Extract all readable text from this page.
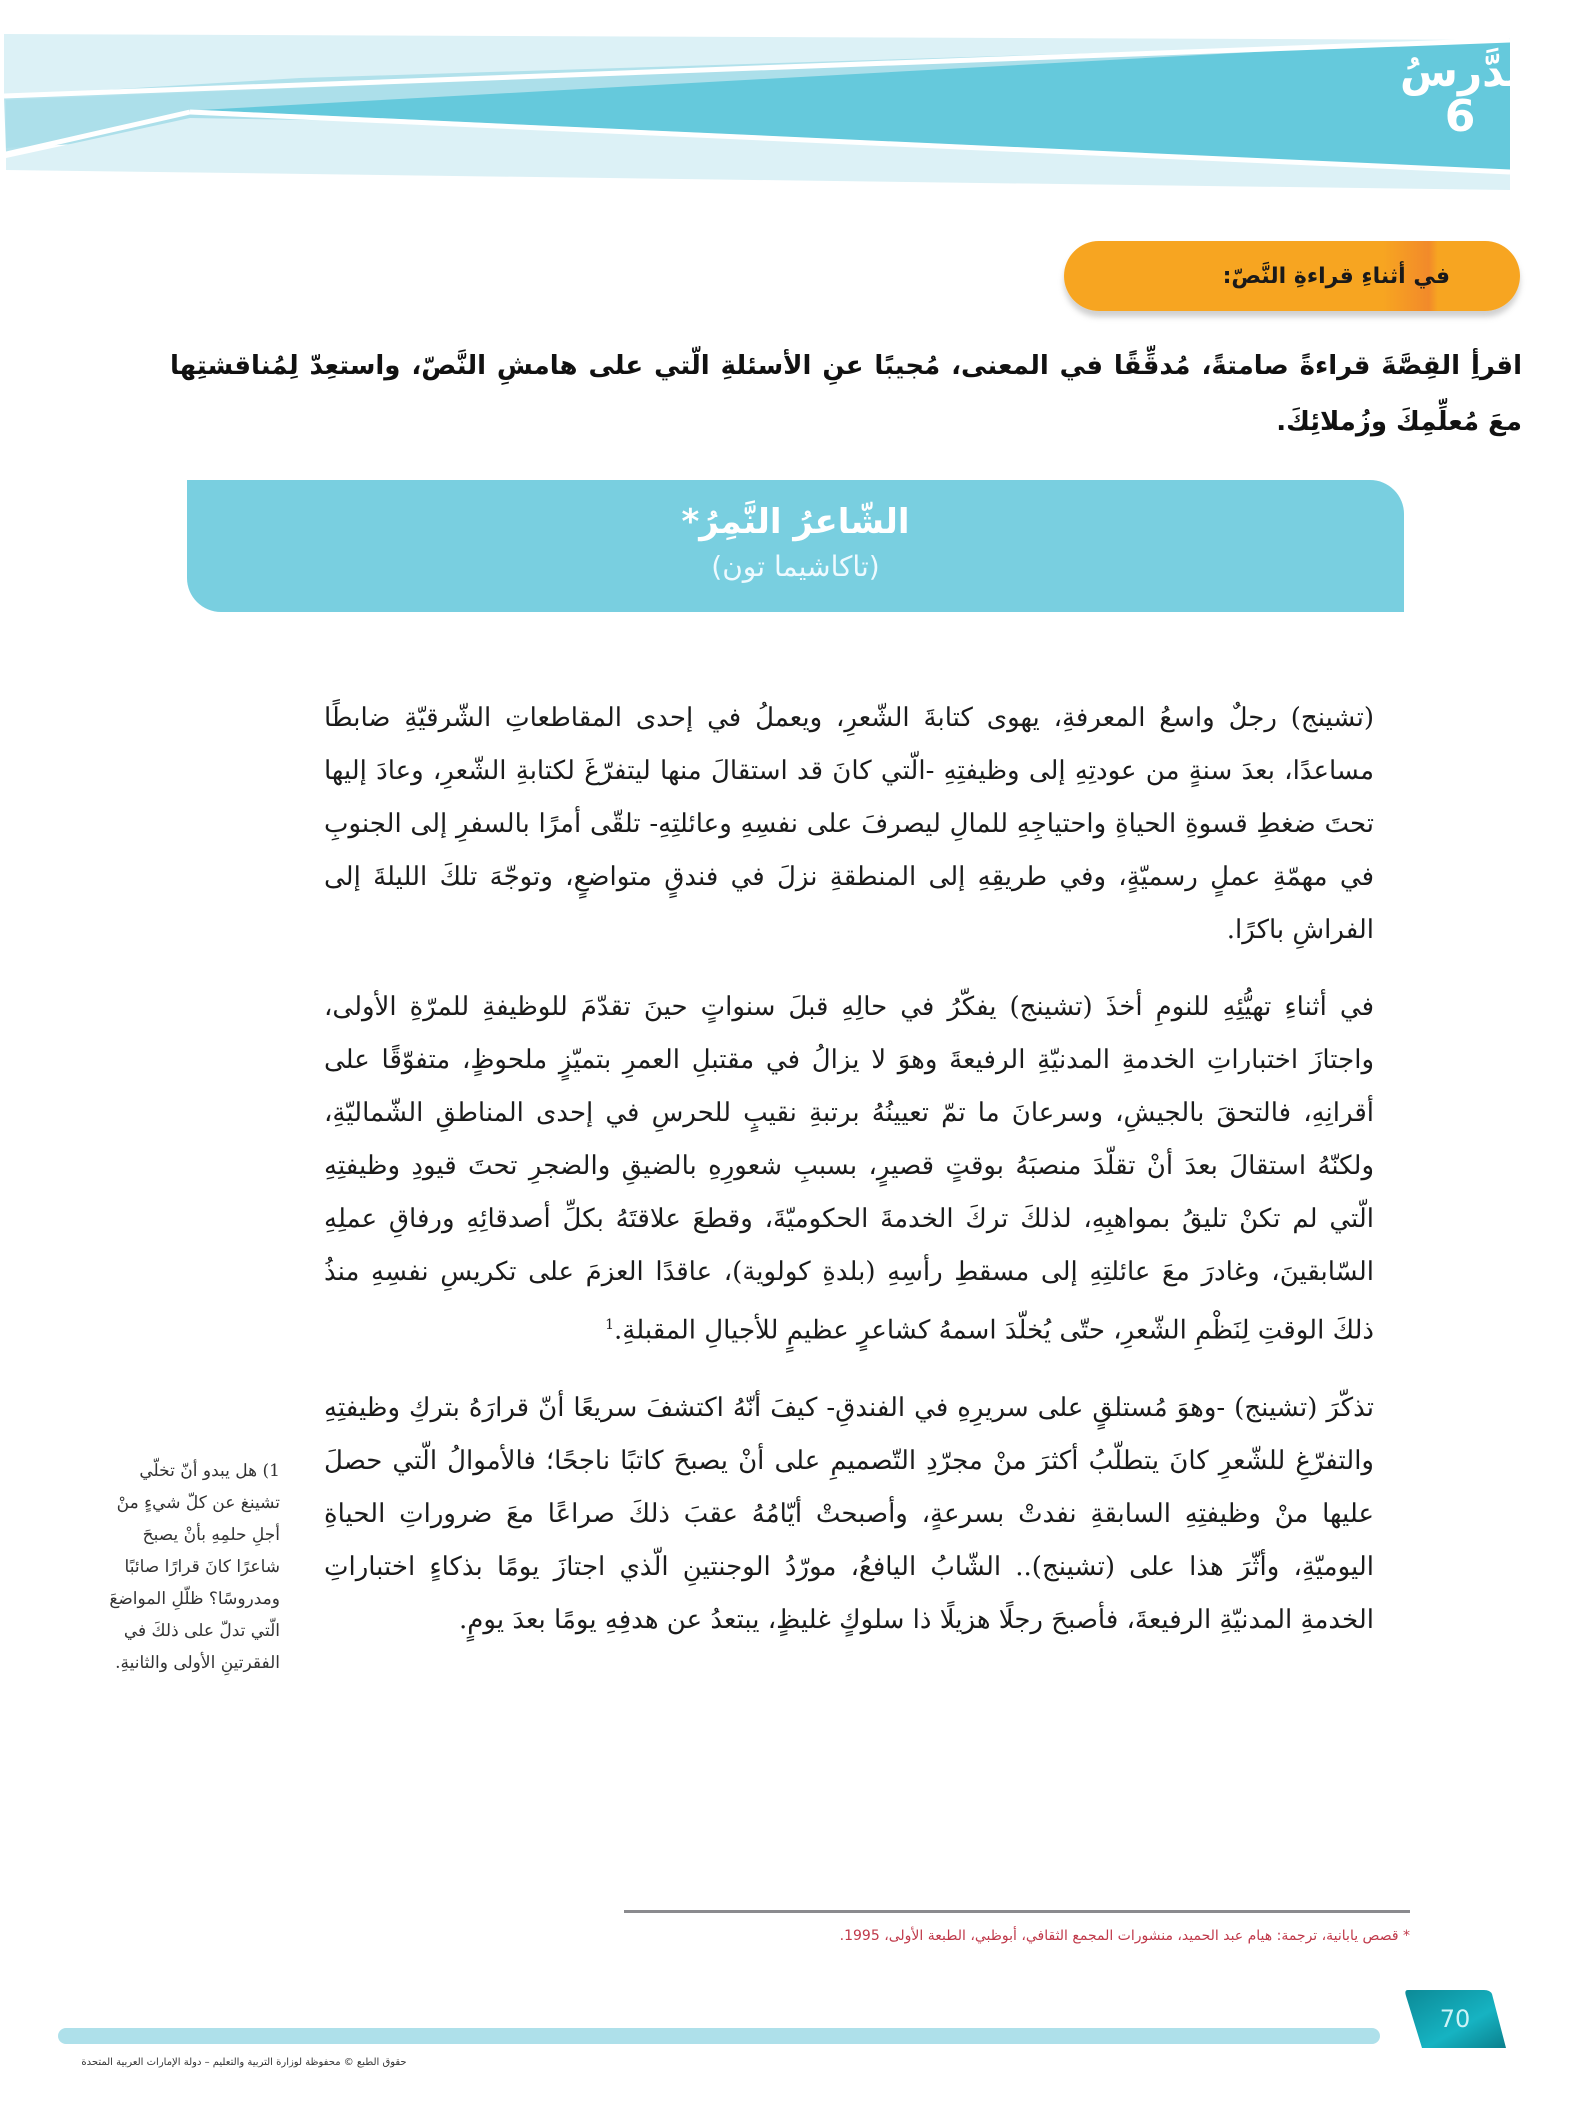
الدَّرسُ
6
في أثناءِ قراءةِ النَّصّ:
اقرأِ القِصَّةَ قراءةً صامتةً، مُدقِّقًا في المعنى، مُجيبًا عنِ الأسئلةِ الّتي على هامشِ النَّصّ، واستعِدّ لِمُناقشتِها معَ مُعلِّمِكَ وزُملائِكَ.
الشّاعرُ النَّمِرُ*
(تاكاشيما تون)

(تشينج) رجلٌ واسعُ المعرفةِ، يهوى كتابةَ الشّعرِ، ويعملُ في إحدى المقاطعاتِ الشّرقيّةِ ضابطًا مساعدًا، بعدَ سنةٍ من عودتِهِ إلى وظيفتِهِ -الّتي كانَ قد استقالَ منها ليتفرّغَ لكتابةِ الشّعرِ، وعادَ إليها تحتَ ضغطِ قسوةِ الحياةِ واحتياجِهِ للمالِ ليصرفَ على نفسِهِ وعائلتِهِ- تلقّى أمرًا بالسفرِ إلى الجنوبِ في مهمّةِ عملٍ رسميّةٍ، وفي طريقِهِ إلى المنطقةِ نزلَ في فندقٍ متواضعٍ، وتوجّهَ تلكَ الليلةَ إلى الفراشِ باكرًا.

في أثناءِ تهيُّئِهِ للنومِ أخذَ (تشينج) يفكّرُ في حالِهِ قبلَ سنواتٍ حينَ تقدّمَ للوظيفةِ للمرّةِ الأولى، واجتازَ اختباراتِ الخدمةِ المدنيّةِ الرفيعةَ وهوَ لا يزالُ في مقتبلِ العمرِ بتميّزٍ ملحوظٍ، متفوّقًا على أقرانِهِ، فالتحقَ بالجيشِ، وسرعانَ ما تمّ تعيينُهُ برتبةِ نقيبٍ للحرسِ في إحدى المناطقِ الشّماليّةِ، ولكنّهُ استقالَ بعدَ أنْ تقلّدَ منصبَهُ بوقتٍ قصيرٍ، بسببِ شعورِهِ بالضيقِ والضجرِ تحتَ قيودِ وظيفتِهِ الّتي لم تكنْ تليقُ بمواهبِهِ، لذلكَ تركَ الخدمةَ الحكوميّةَ، وقطعَ علاقتَهُ بكلِّ أصدقائِهِ ورفاقِ عملِهِ السّابقينَ، وغادرَ معَ عائلتِهِ إلى مسقطِ رأسِهِ (بلدةِ كولوية)، عاقدًا العزمَ على تكريسِ نفسِهِ منذُ ذلكَ الوقتِ لِنَظْمِ الشّعرِ، حتّى يُخلّدَ اسمهُ كشاعرٍ عظيمٍ للأجيالِ المقبلةِ.$^1$

تذكّرَ (تشينج) -وهوَ مُستلقٍ على سريرِهِ في الفندقِ- كيفَ أنّهُ اكتشفَ سريعًا أنّ قرارَهُ بتركِ وظيفتِهِ والتفرّغِ للشّعرِ كانَ يتطلّبُ أكثرَ منْ مجرّدِ التّصميمِ على أنْ يصبحَ كاتبًا ناجحًا؛ فالأموالُ الّتي حصلَ عليها منْ وظيفتِهِ السابقةِ نفدتْ بسرعةٍ، وأصبحتْ أيّامُهُ عقبَ ذلكَ صراعًا معَ ضروراتِ الحياةِ اليوميّةِ، وأثّرَ هذا على (تشينج).. الشّابُ اليافعُ، مورّدُ الوجنتينِ الّذي اجتازَ يومًا بذكاءٍ اختباراتِ الخدمةِ المدنيّةِ الرفيعةَ، فأصبحَ رجلًا هزيلًا ذا سلوكٍ غليظٍ، يبتعدُ عن هدفِهِ يومًا بعدَ يومٍ.

1) هل يبدو أنّ تخلّي تشينغ عن كلّ شيءٍ منْ أجلِ حلمِهِ بأنْ يصبحَ شاعرًا كانَ قرارًا صائبًا ومدروسًا؟ ظلّلِ المواضعَ الّتي تدلّ على ذلكَ في الفقرتينِ الأولى والثانيةِ.
* قصص يابانية، ترجمة: هيام عبد الحميد، منشورات المجمع الثقافي، أبوظبي، الطبعة الأولى، 1995.
70
حقوق الطبع © محفوظة لوزارة التربية والتعليم – دولة الإمارات العربية المتحدة
